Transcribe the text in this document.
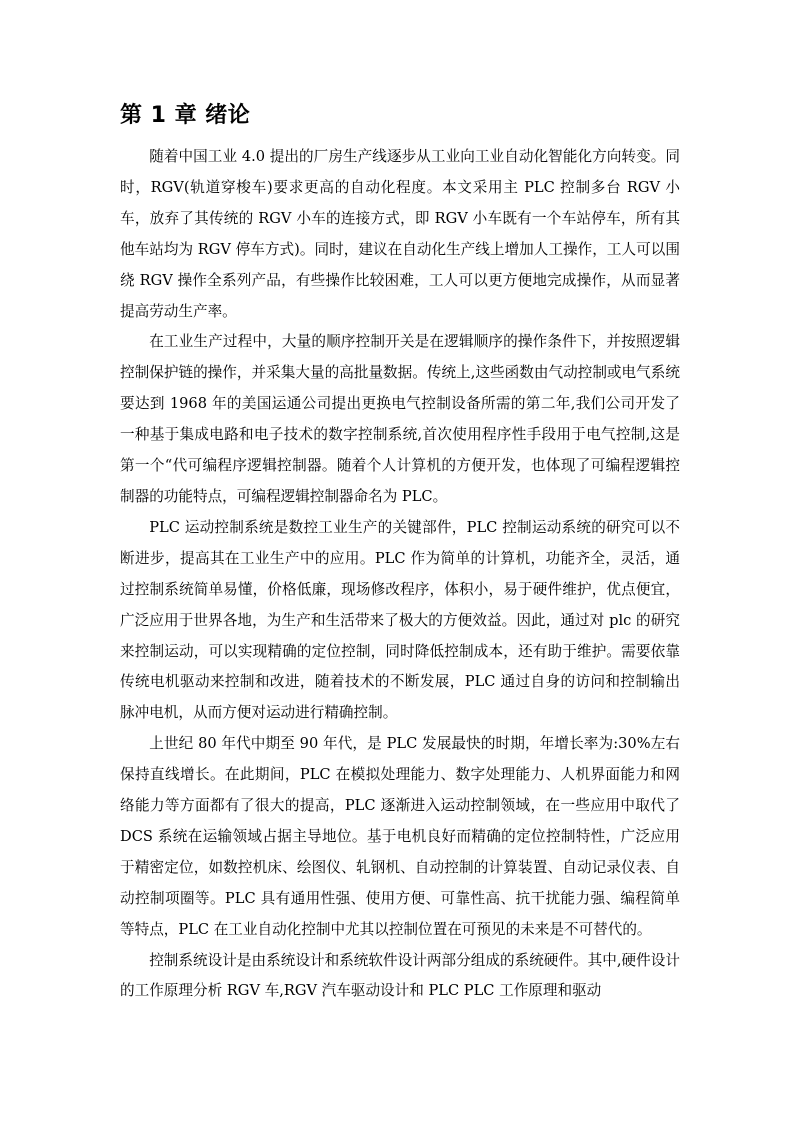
第 1 章 绪论

随着中国工业 4.0 提出的厂房生产线逐步从工业向工业自动化智能化方向转变。同时，RGV(轨道穿梭车)要求更高的自动化程度。本文采用主 PLC 控制多台 RGV 小车，放弃了其传统的 RGV 小车的连接方式，即 RGV 小车既有一个车站停车，所有其他车站均为 RGV 停车方式)。同时，建议在自动化生产线上增加人工操作，工人可以围绕 RGV 操作全系列产品，有些操作比较困难，工人可以更方便地完成操作，从而显著提高劳动生产率。

在工业生产过程中，大量的顺序控制开关是在逻辑顺序的操作条件下，并按照逻辑控制保护链的操作，并采集大量的高批量数据。传统上,这些函数由气动控制或电气系统要达到 1968 年的美国运通公司提出更换电气控制设备所需的第二年,我们公司开发了一种基于集成电路和电子技术的数字控制系统,首次使用程序性手段用于电气控制,这是第一个“代可编程序逻辑控制器。随着个人计算机的方便开发，也体现了可编程逻辑控制器的功能特点，可编程逻辑控制器命名为 PLC。

PLC 运动控制系统是数控工业生产的关键部件，PLC 控制运动系统的研究可以不断进步，提高其在工业生产中的应用。PLC 作为简单的计算机，功能齐全，灵活，通过控制系统简单易懂，价格低廉，现场修改程序，体积小，易于硬件维护，优点便宜，广泛应用于世界各地，为生产和生活带来了极大的方便效益。因此，通过对 plc 的研究来控制运动，可以实现精确的定位控制，同时降低控制成本，还有助于维护。需要依靠传统电机驱动来控制和改进，随着技术的不断发展，PLC 通过自身的访问和控制输出脉冲电机，从而方便对运动进行精确控制。

上世纪 80 年代中期至 90 年代，是 PLC 发展最快的时期，年增长率为:30%左右保持直线增长。在此期间，PLC 在模拟处理能力、数字处理能力、人机界面能力和网络能力等方面都有了很大的提高，PLC 逐渐进入运动控制领域，在一些应用中取代了 DCS 系统在运输领域占据主导地位。基于电机良好而精确的定位控制特性，广泛应用于精密定位，如数控机床、绘图仪、轧钢机、自动控制的计算装置、自动记录仪表、自动控制项圈等。PLC 具有通用性强、使用方便、可靠性高、抗干扰能力强、编程简单等特点，PLC 在工业自动化控制中尤其以控制位置在可预见的未来是不可替代的。

控制系统设计是由系统设计和系统软件设计两部分组成的系统硬件。其中,硬件设计的工作原理分析 RGV 车,RGV 汽车驱动设计和 PLC PLC 工作原理和驱动
